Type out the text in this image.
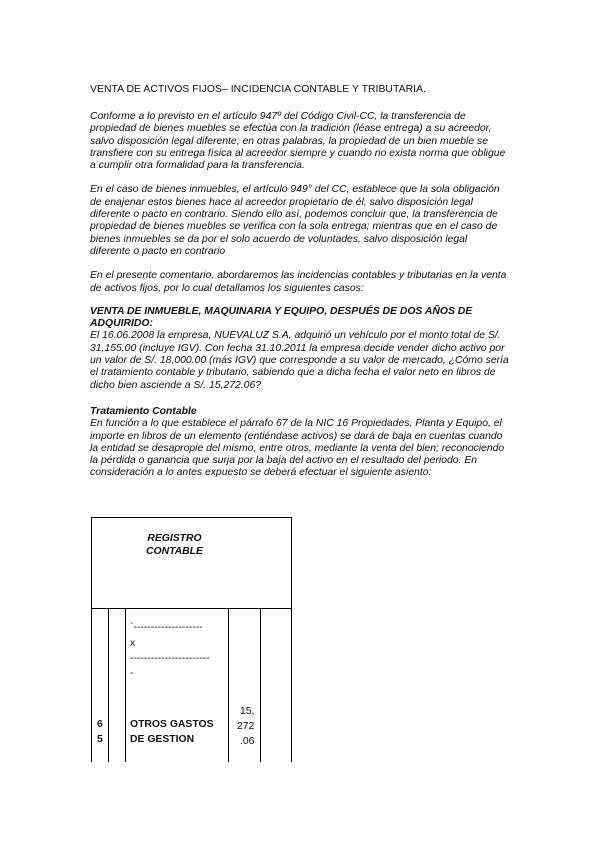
VENTA DE ACTIVOS FIJOS– INCIDENCIA CONTABLE Y TRIBUTARIA.

Conforme a lo previsto en el artículo 947º del Código Civil-CC, la transferencia de propiedad de bienes muebles se efectúa con la tradición (léase entrega) a su acreedor, salvo disposición legal diferente; en otras palabras, la propiedad de un bien mueble se transfiere con su entrega física al acreedor siempre y cuando no exista norma que obligue a cumplir otra formalidad para la transferencia.

En el caso de bienes inmuebles, el artículo 949° del CC, establece que la sola obligación de enajenar estos bienes hace al acreedor propietario de él, salvo disposición legal diferente o pacto en contrario. Siendo ello así, podemos concluir que, la transferencia de propiedad de bienes muebles se verifica con la sola entrega; mientras que en el caso de bienes inmuebles se da por el solo acuerdo de voluntades, salvo disposición legal diferente o pacto en contrario

En el presente comentario, abordaremos las incidencias contables y tributarias en la venta de activos fijos, por lo cual detallamos los siguientes casos:

VENTA DE INMUEBLE, MAQUINARIA Y EQUIPO, DESPUÉS DE DOS AÑOS DE ADQUIRIDO:

El 16.06.2008 la empresa, NUEVALUZ S.A, adquirió un vehículo por el monto total de S/. 31,155.00 (incluye IGV). Con fecha 31.10.2011 la empresa decide vender dicho activo por un valor de S/. 18,000.00 (más IGV) que corresponde a su valor de mercado, ¿Cómo sería el tratamiento contable y tributario, sabiendo que a dicha fecha el valor neto en libros de dicho bien asciende a S/. 15,272.06?

Tratamiento Contable

En función a lo que establece el párrafo 67 de la NIC 16 Propiedades, Planta y Equipo, el importe en libros de un elemento (entiéndase activos) se dará de baja en cuentas cuando la entidad se desapropie del mismo, entre otros, mediante la venta del bien; reconociendo la pérdida o ganancia que surja por la baja del activo en el resultado del periodo. En consideración a lo antes expuesto se deberá efectuar el siguiente asiento:

REGISTRO
CONTABLE
`--------------------
x
-----------------------
-
6
5
OTROS GASTOS
DE GESTION
15,
272
.06
